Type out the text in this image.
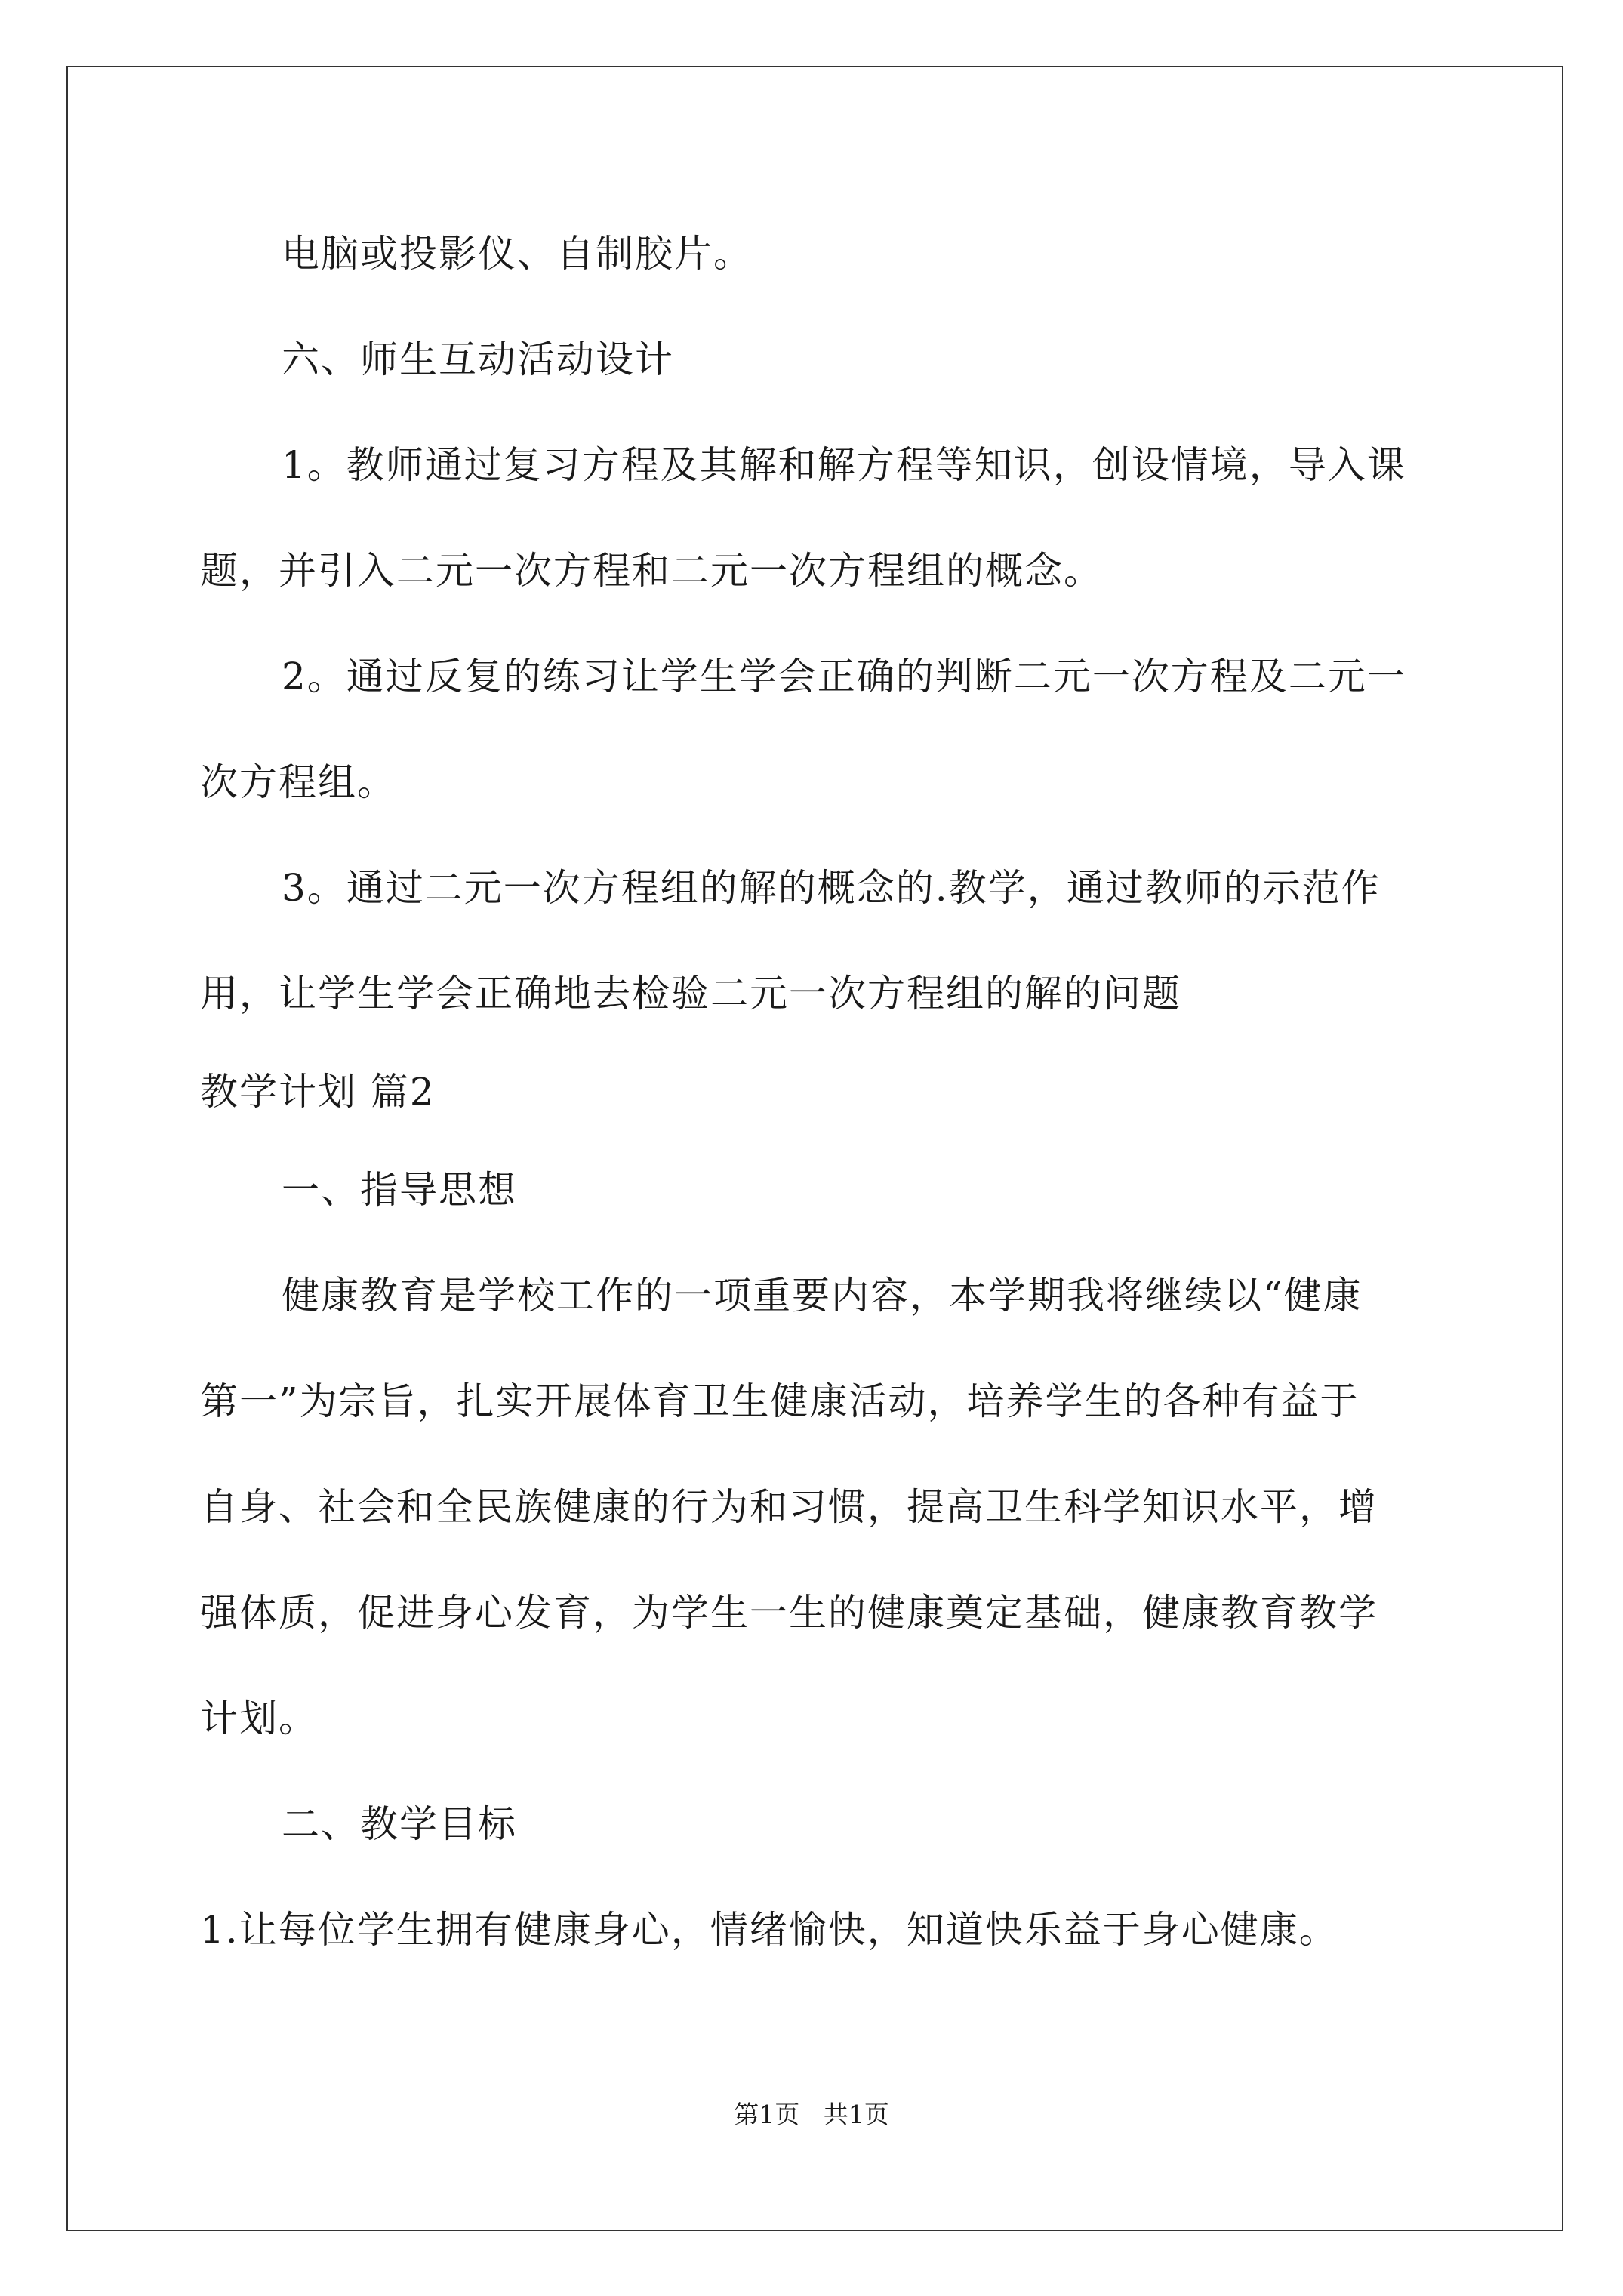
电脑或投影仪、自制胶片。
六、师生互动活动设计
1。教师通过复习方程及其解和解方程等知识，创设情境，导入课
题，并引入二元一次方程和二元一次方程组的概念。
2。通过反复的练习让学生学会正确的判断二元一次方程及二元一
次方程组。
3。通过二元一次方程组的解的概念的.教学，通过教师的示范作
用，让学生学会正确地去检验二元一次方程组的解的问题
教学计划 篇2
一、指导思想
健康教育是学校工作的一项重要内容，本学期我将继续以“健康
第一”为宗旨，扎实开展体育卫生健康活动，培养学生的各种有益于
自身、社会和全民族健康的行为和习惯，提高卫生科学知识水平，增
强体质，促进身心发育，为学生一生的健康奠定基础，健康教育教学
计划。
二、教学目标
1.让每位学生拥有健康身心，情绪愉快，知道快乐益于身心健康。
第1页   共1页
